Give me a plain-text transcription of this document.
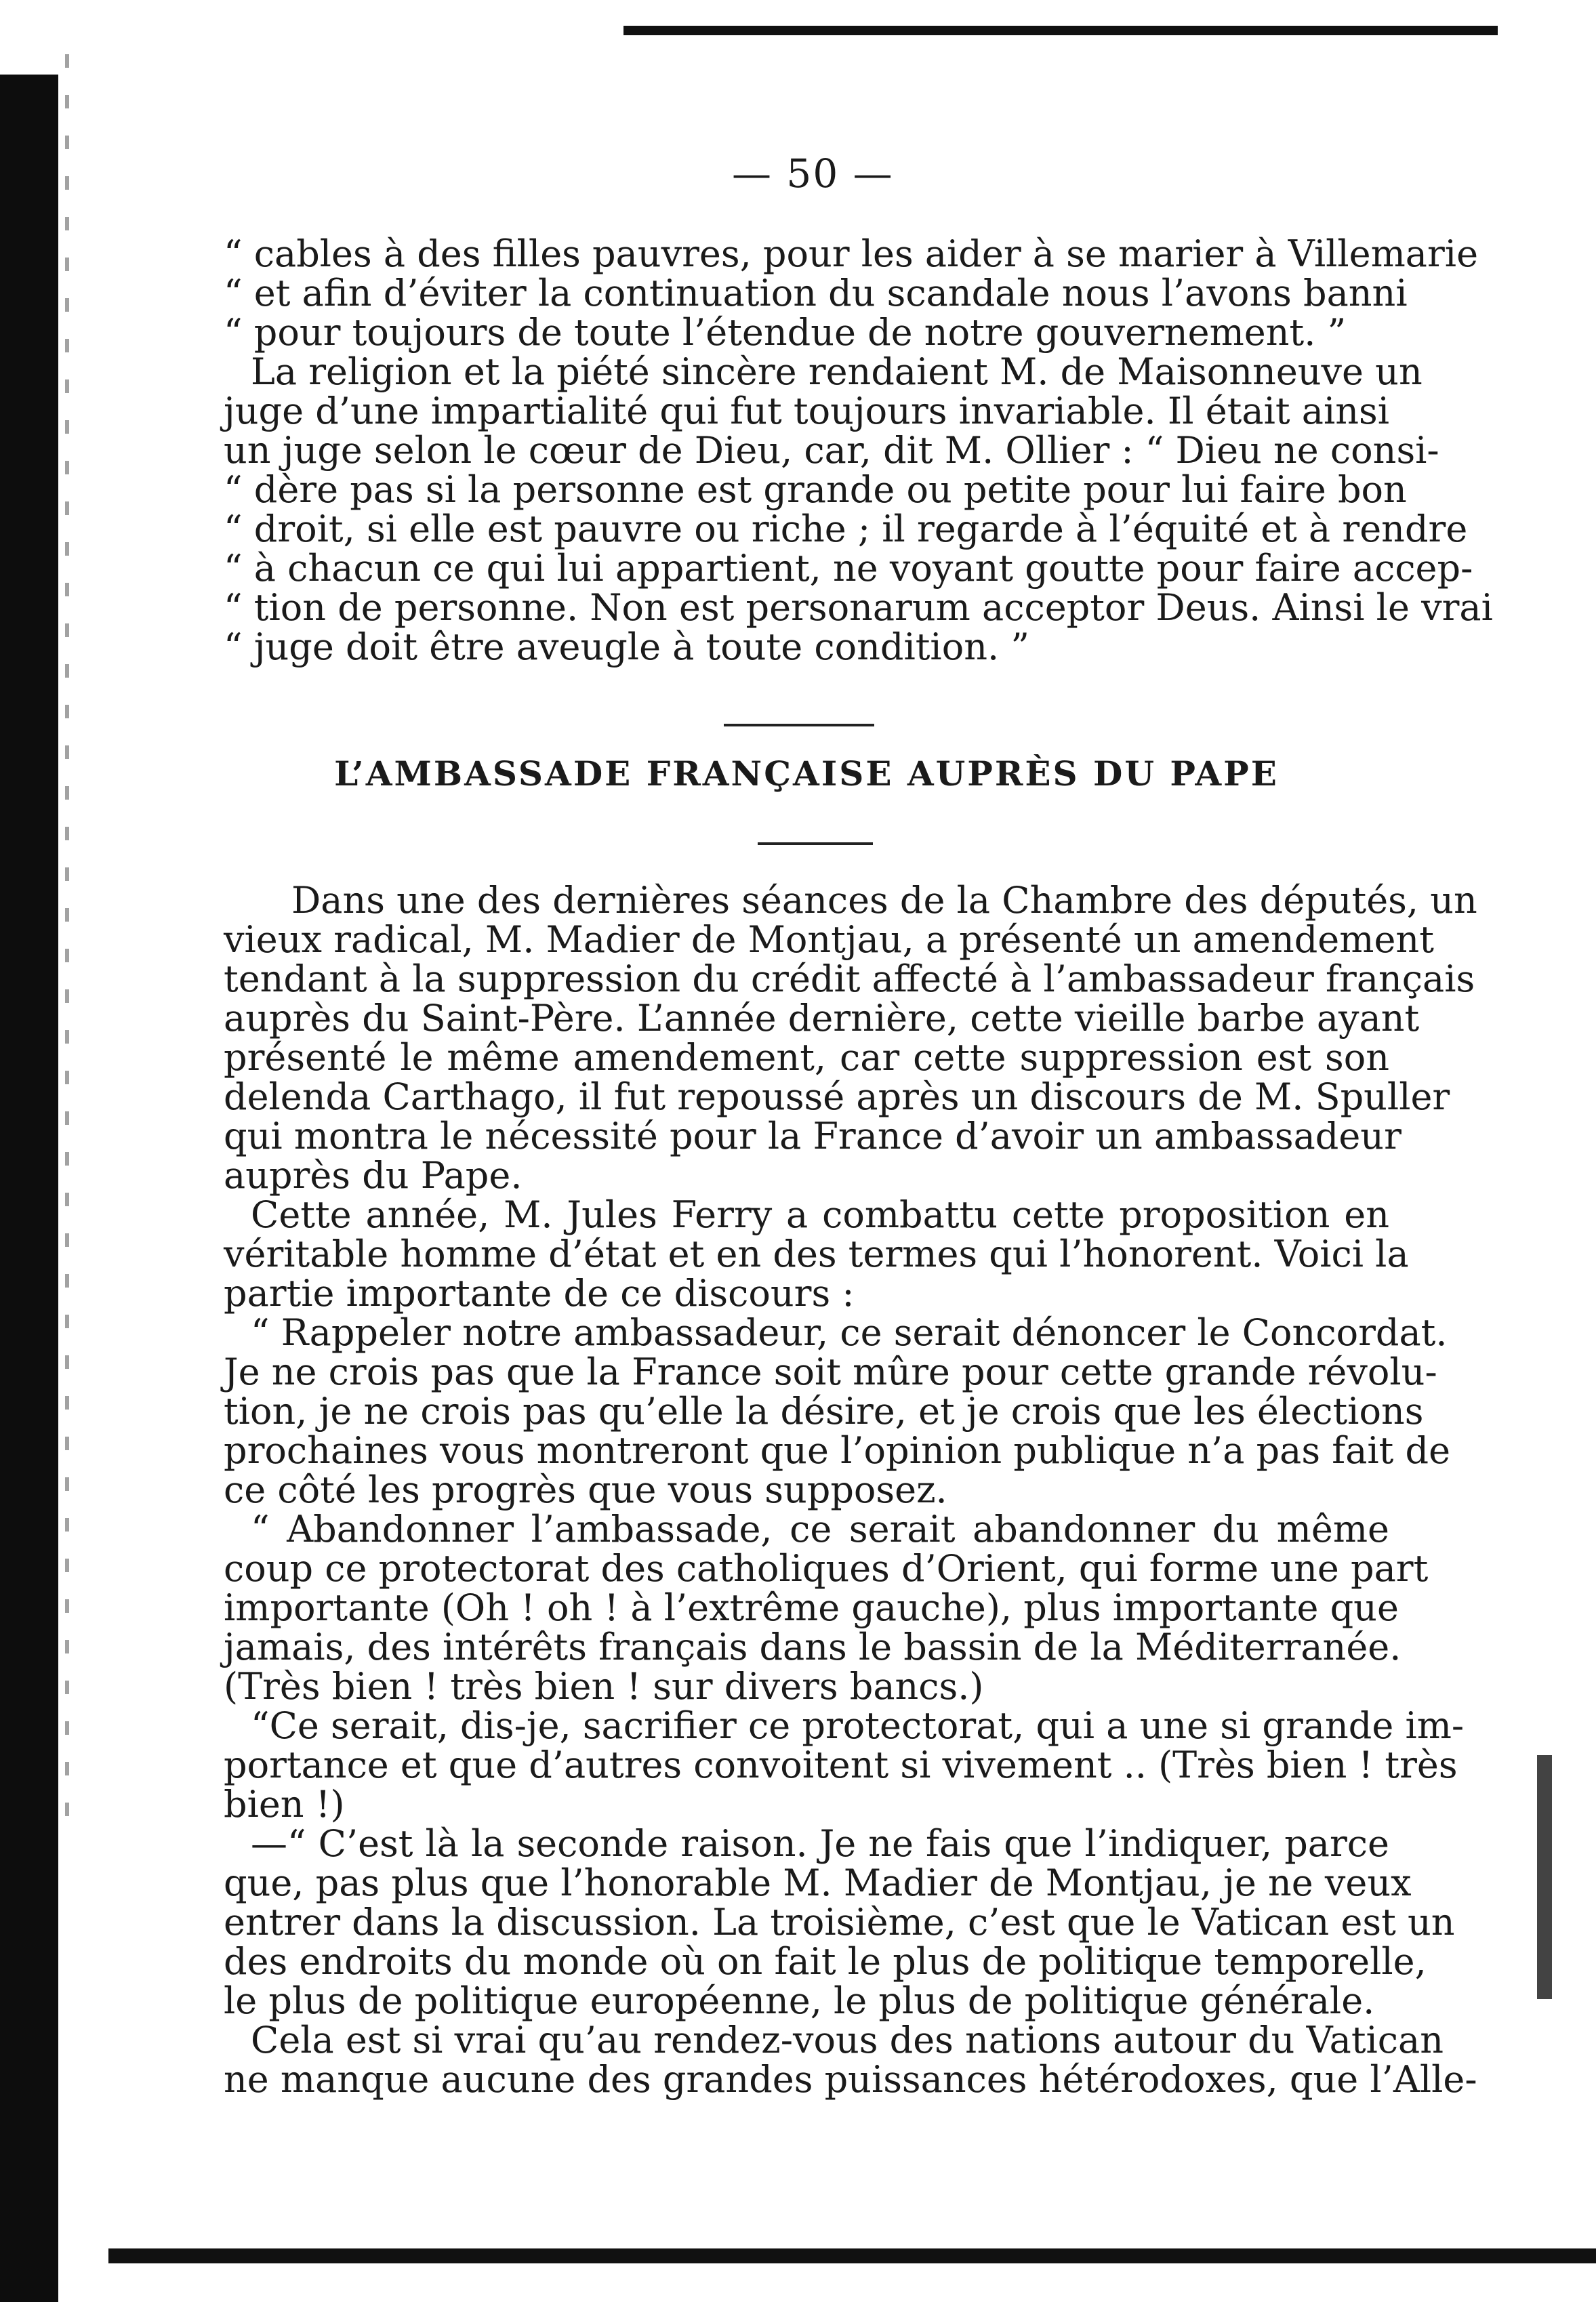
— 50 —
“ cables à des filles pauvres, pour les aider à se marier à Villemarie
“ et afin d’éviter la continuation du scandale nous l’avons banni
“ pour toujours de toute l’étendue de notre gouvernement. ”
La religion et la piété sincère rendaient M. de Maisonneuve un
juge d’une impartialité qui fut toujours invariable. Il était ainsi
un juge selon le cœur de Dieu, car, dit M. Ollier : “ Dieu ne consi-
“ dère pas si la personne est grande ou petite pour lui faire bon
“ droit, si elle est pauvre ou riche ; il regarde à l’équité et à rendre
“ à chacun ce qui lui appartient, ne voyant goutte pour faire accep-
“ tion de personne. Non est personarum acceptor Deus. Ainsi le vrai
“ juge doit être aveugle à toute condition. ”
L’AMBASSADE FRANÇAISE AUPRÈS DU PAPE
Dans une des dernières séances de la Chambre des députés, un
vieux radical, M. Madier de Montjau, a présenté un amendement
tendant à la suppression du crédit affecté à l’ambassadeur français
auprès du Saint-Père. L’année dernière, cette vieille barbe ayant
présenté le même amendement, car cette suppression est son
delenda Carthago, il fut repoussé après un discours de M. Spuller
qui montra le nécessité pour la France d’avoir un ambassadeur
auprès du Pape.
Cette année, M. Jules Ferry a combattu cette proposition en
véritable homme d’état et en des termes qui l’honorent. Voici la
partie importante de ce discours :
“ Rappeler notre ambassadeur, ce serait dénoncer le Concordat.
Je ne crois pas que la France soit mûre pour cette grande révolu-
tion, je ne crois pas qu’elle la désire, et je crois que les élections
prochaines vous montreront que l’opinion publique n’a pas fait de
ce côté les progrès que vous supposez.
“ Abandonner l’ambassade, ce serait abandonner du même
coup ce protectorat des catholiques d’Orient, qui forme une part
importante (Oh ! oh ! à l’extrême gauche), plus importante que
jamais, des intérêts français dans le bassin de la Méditerranée.
(Très bien ! très bien ! sur divers bancs.)
“Ce serait, dis-je, sacrifier ce protectorat, qui a une si grande im-
portance et que d’autres convoitent si vivement .. (Très bien ! très
bien !)
—“ C’est là la seconde raison. Je ne fais que l’indiquer, parce
que, pas plus que l’honorable M. Madier de Montjau, je ne veux
entrer dans la discussion. La troisième, c’est que le Vatican est un
des endroits du monde où on fait le plus de politique temporelle,
le plus de politique européenne, le plus de politique générale.
Cela est si vrai qu’au rendez-vous des nations autour du Vatican
ne manque aucune des grandes puissances hétérodoxes, que l’Alle-
